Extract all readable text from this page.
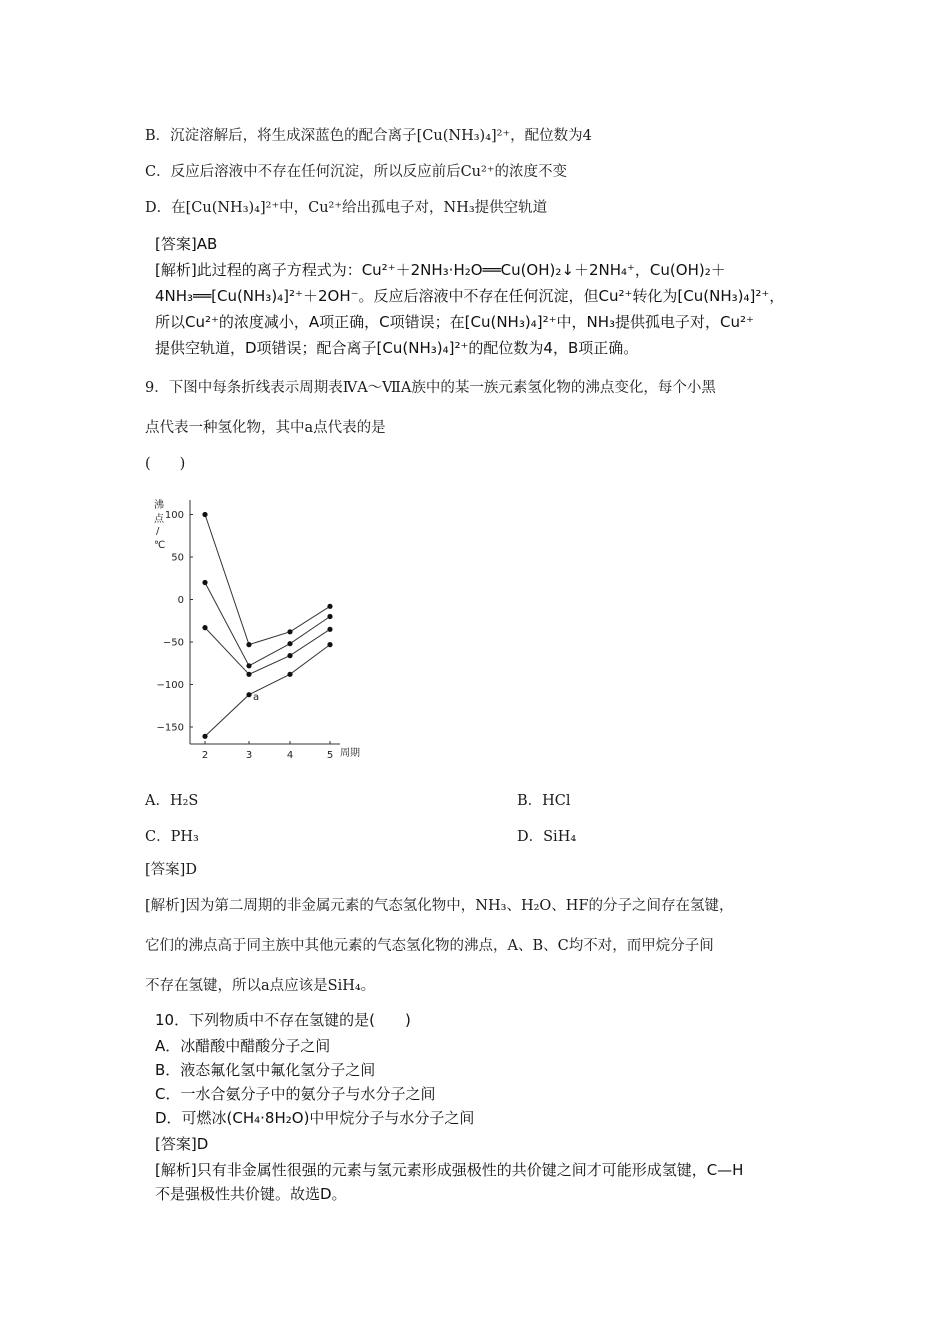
B．沉淀溶解后，将生成深蓝色的配合离子[Cu(NH₃)₄]²⁺，配位数为4
C．反应后溶液中不存在任何沉淀，所以反应前后Cu²⁺的浓度不变
D．在[Cu(NH₃)₄]²⁺中，Cu²⁺给出孤电子对，NH₃提供空轨道
[答案]AB
[解析]此过程的离子方程式为：Cu²⁺＋2NH₃·H₂O══Cu(OH)₂↓＋2NH₄⁺，Cu(OH)₂＋
4NH₃══[Cu(NH₃)₄]²⁺＋2OH⁻。反应后溶液中不存在任何沉淀，但Cu²⁺转化为[Cu(NH₃)₄]²⁺，
所以Cu²⁺的浓度减小，A项正确，C项错误；在[Cu(NH₃)₄]²⁺中，NH₃提供孤电子对，Cu²⁺
提供空轨道，D项错误；配合离子[Cu(NH₃)₄]²⁺的配位数为4，B项正确。
9．下图中每条折线表示周期表ⅣA～ⅦA族中的某一族元素氢化物的沸点变化，每个小黑
点代表一种氢化物，其中a点代表的是
(　　)
沸
点
/
℃
100
50
0
−50
−100
−150
2	3	4	5 周期
a
A．H₂S	B．HCl
C．PH₃	D．SiH₄
[答案]D
[解析]因为第二周期的非金属元素的气态氢化物中，NH₃、H₂O、HF的分子之间存在氢键，
它们的沸点高于同主族中其他元素的气态氢化物的沸点，A、B、C均不对，而甲烷分子间
不存在氢键，所以a点应该是SiH₄。
10．下列物质中不存在氢键的是(　　)
A．冰醋酸中醋酸分子之间
B．液态氟化氢中氟化氢分子之间
C．一水合氨分子中的氨分子与水分子之间
D．可燃冰(CH₄·8H₂O)中甲烷分子与水分子之间
[答案]D
[解析]只有非金属性很强的元素与氢元素形成强极性的共价键之间才可能形成氢键，C—H
不是强极性共价键。故选D。
